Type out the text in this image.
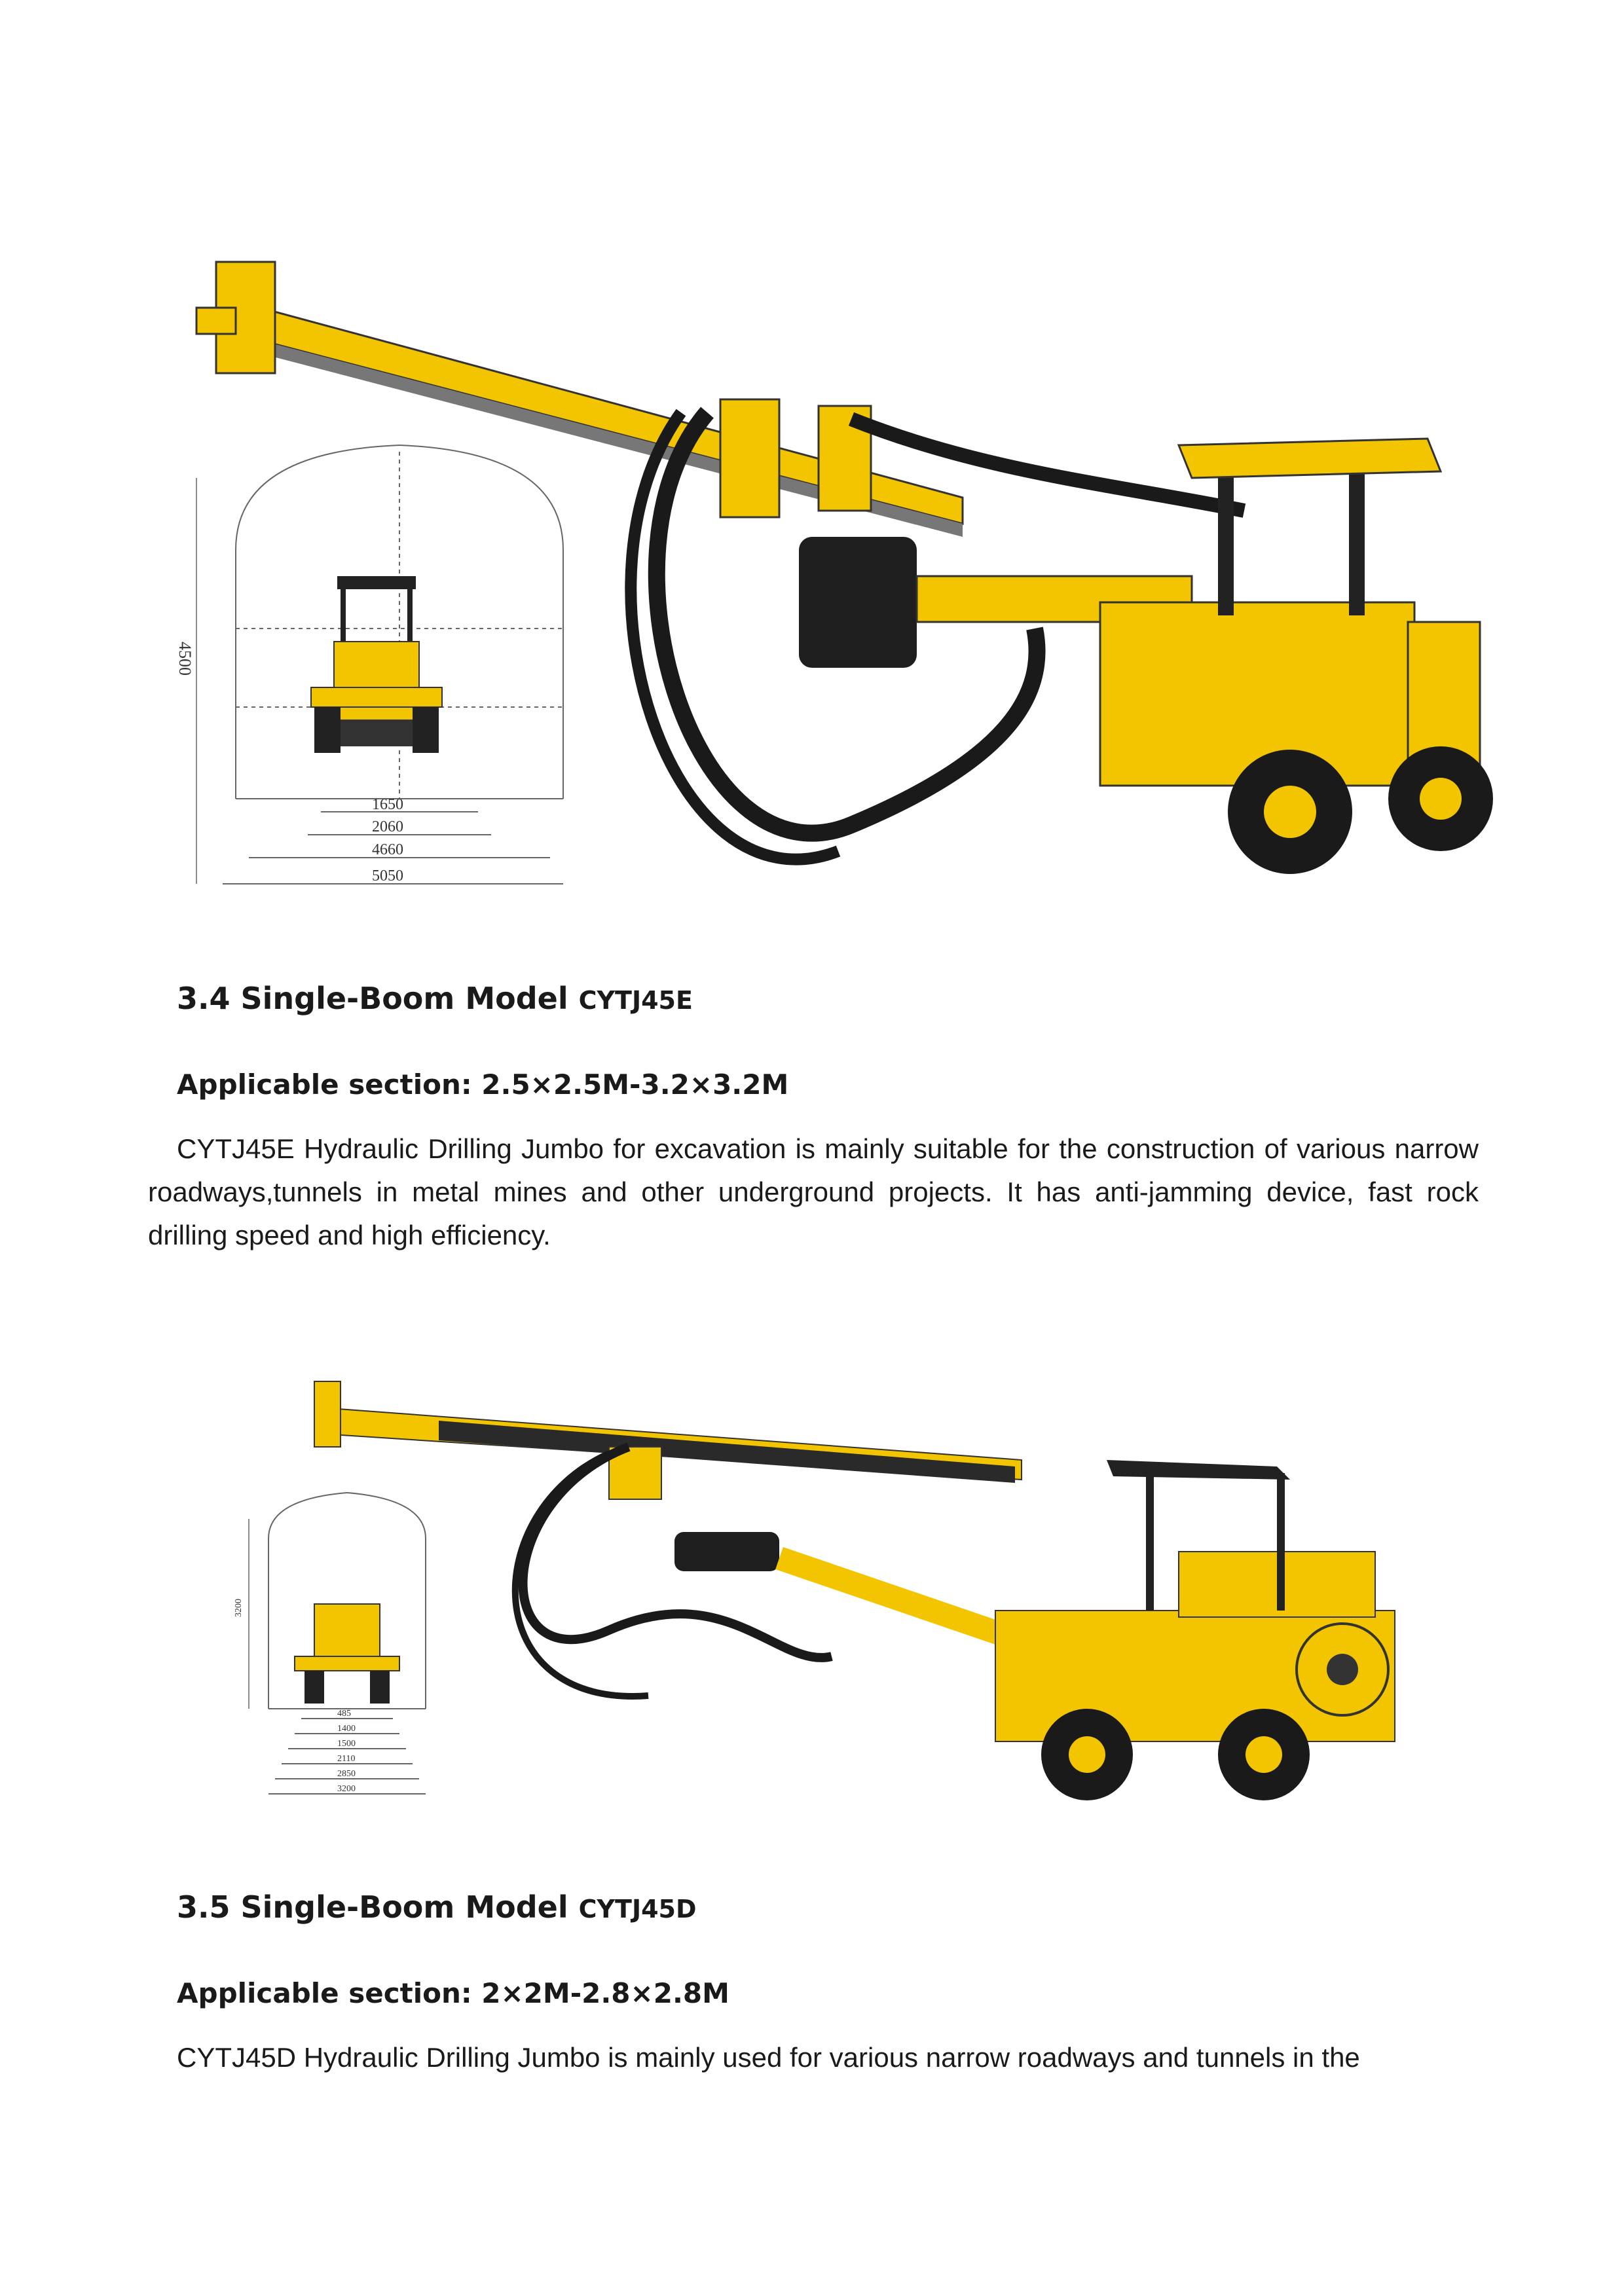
4500
1650
2060
4660
5050
3.4 Single-Boom Model CYTJ45E
Applicable section: 2.5×2.5M-3.2×3.2M
CYTJ45E Hydraulic Drilling Jumbo for excavation is mainly suitable for the construction of various narrow roadways,tunnels in metal mines and other underground projects. It has anti-jamming device, fast rock drilling speed and high efficiency.
3200
485
1400
1500
2110
2850
3200
3.5 Single-Boom Model CYTJ45D
Applicable section: 2×2M-2.8×2.8M
CYTJ45D Hydraulic Drilling Jumbo is mainly used for various narrow roadways and tunnels in the
